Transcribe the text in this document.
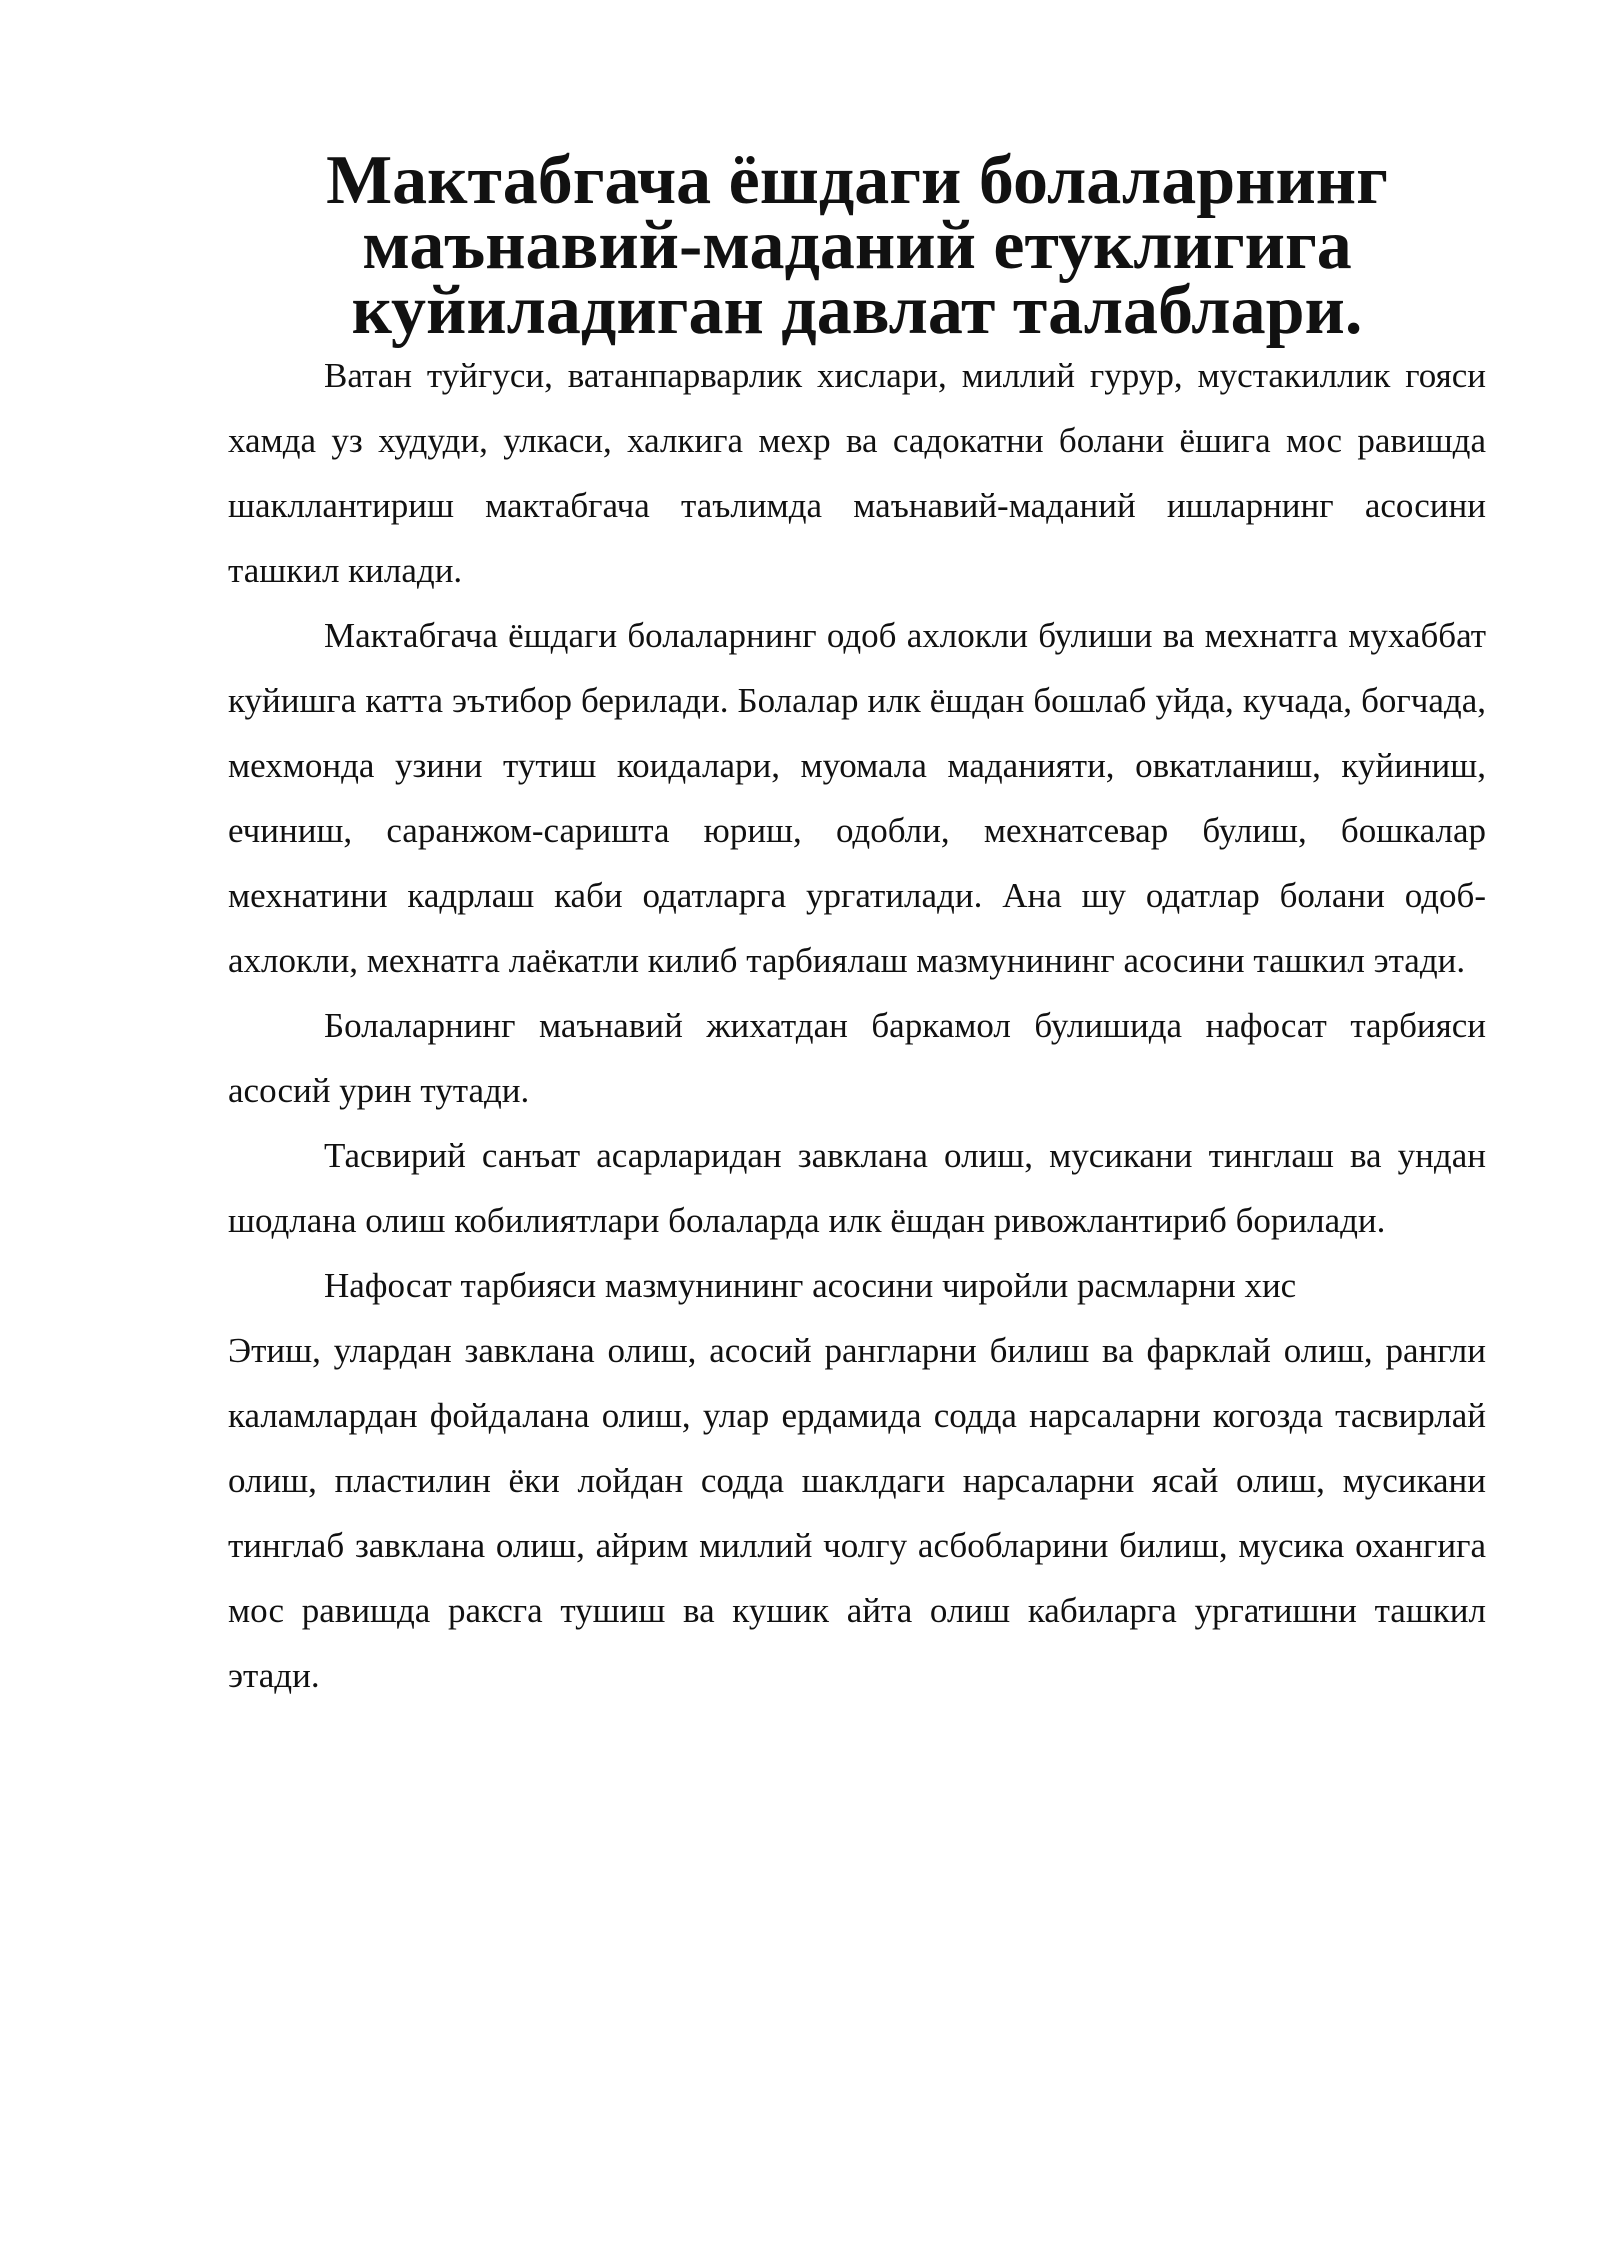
Мактабгача ёшдаги болаларнинг маънавий-маданий етуклигига
куйиладиган давлат талаблари.

Ватан туйгуси, ватанпарварлик хислари, миллий гурур, мустакиллик гояси хамда уз худуди, улкаси, халкига мехр ва садокатни болани ёшига мос равишда шакллантириш мактабгача таълимда маънавий-маданий ишларнинг асосини ташкил килади.

Мактабгача ёшдаги болаларнинг одоб ахлокли булиши ва мехнатга мухаббат куйишга катта эътибор берилади. Болалар илк ёшдан бошлаб уйда, кучада, богчада, мехмонда узини тутиш коидалари, муомала маданияти, овкатланиш, куйиниш, ечиниш, саранжом-саришта юриш, одобли, мехнатсевар булиш, бошкалар мехнатини кадрлаш каби одатларга ургатилади. Ана шу одатлар болани одоб-ахлокли, мехнатга лаёкатли килиб тарбиялаш мазмунининг асосини ташкил этади.

Болаларнинг маънавий жихатдан баркамол булишида нафосат тарбияси асосий урин тутади.

Тасвирий санъат асарларидан завклана олиш, мусикани тинглаш ва ундан шодлана олиш кобилиятлари болаларда илк ёшдан ривожлантириб борилади.

Нафосат тарбияси мазмунининг асосини чиройли расмларни хис
Этиш, улардан завклана олиш, асосий рангларни билиш ва фарклай олиш, рангли каламлардан фойдалана олиш, улар ердамида содда нарсаларни когозда тасвирлай олиш, пластилин ёки лойдан содда шаклдаги нарсаларни ясай олиш, мусикани тинглаб завклана олиш, айрим миллий чолгу асбобларини билиш, мусика охангига мос равишда раксга тушиш ва кушик айта олиш кабиларга ургатишни ташкил этади.
